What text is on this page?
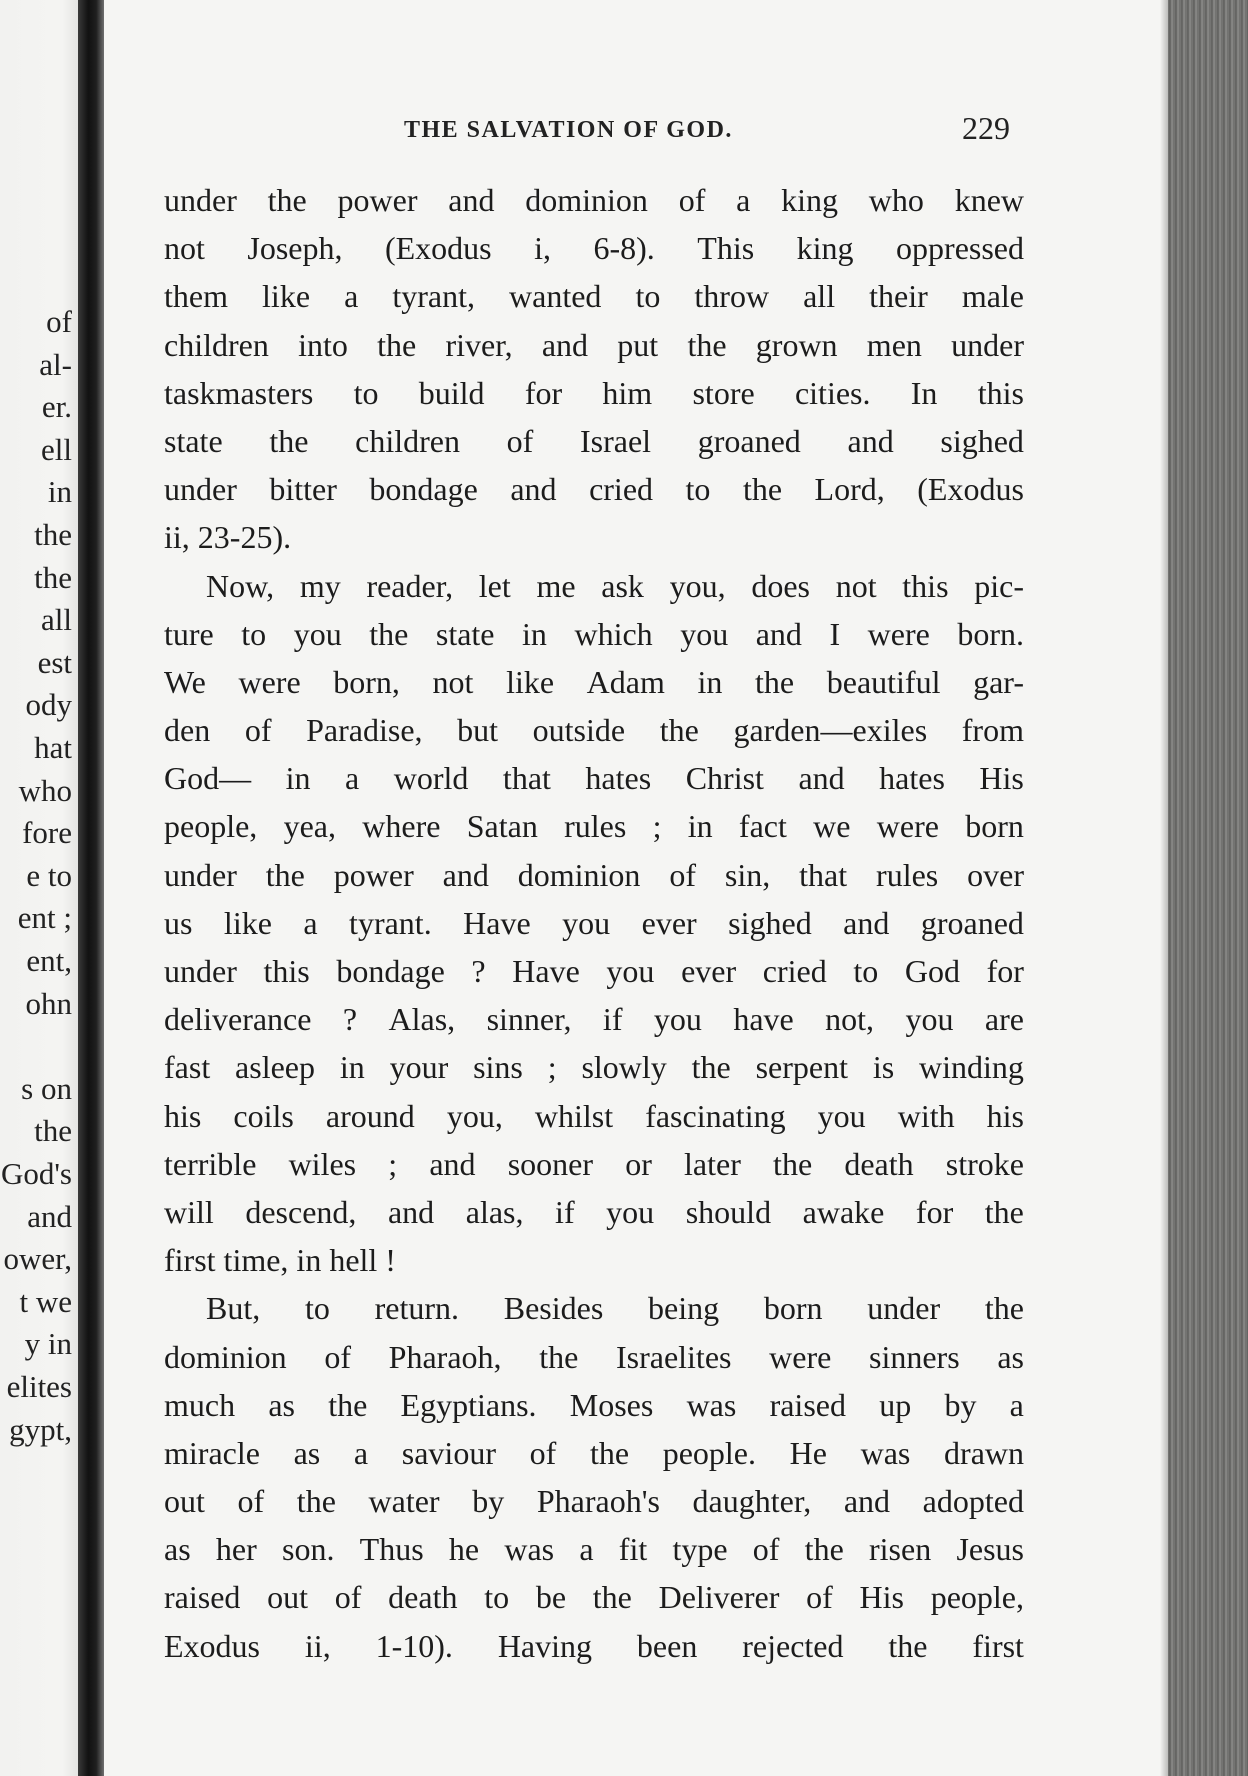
of
al-
er.
ell
in
the
the
all
est
ody
hat
who
fore
e to
ent ;
ent,
ohn
s on
the
God's
and
ower,
t we
y in
elites
gypt,
THE SALVATION OF GOD.	229
under the power and dominion of a king who knew
not Joseph, (Exodus i, 6-8). This king oppressed
them like a tyrant, wanted to throw all their male
children into the river, and put the grown men under
taskmasters to build for him store cities. In this
state the children of Israel groaned and sighed
under bitter bondage and cried to the Lord, (Exodus
ii,
23-25).
Now, my reader, let me ask you, does not this pic-
ture to you the state in which you and I were born.
We were born, not like Adam in the beautiful gar-
den of Paradise, but outside the garden—exiles from
God— in a world that hates Christ and hates His
people, yea, where Satan rules ; in fact we were born
under the power and dominion of sin, that rules over
us like a tyrant. Have you ever sighed and groaned
under this bondage ? Have you ever cried to God for
deliverance ? Alas, sinner, if you have not, you are
fast asleep in your sins ; slowly the serpent is winding
his coils around you, whilst fascinating you with his
terrible wiles ; and sooner or later the death stroke
will descend, and alas, if you should awake for the
first
time,
in
hell
!
But, to return. Besides being born under the
dominion of Pharaoh, the Israelites were sinners as
much as the Egyptians. Moses was raised up by a
miracle as a saviour of the people. He was drawn
out of the water by Pharaoh's daughter, and adopted
as her son. Thus he was a fit type of the risen Jesus
raised out of death to be the Deliverer of His people,
Exodus ii, 1-10). Having been rejected the first
